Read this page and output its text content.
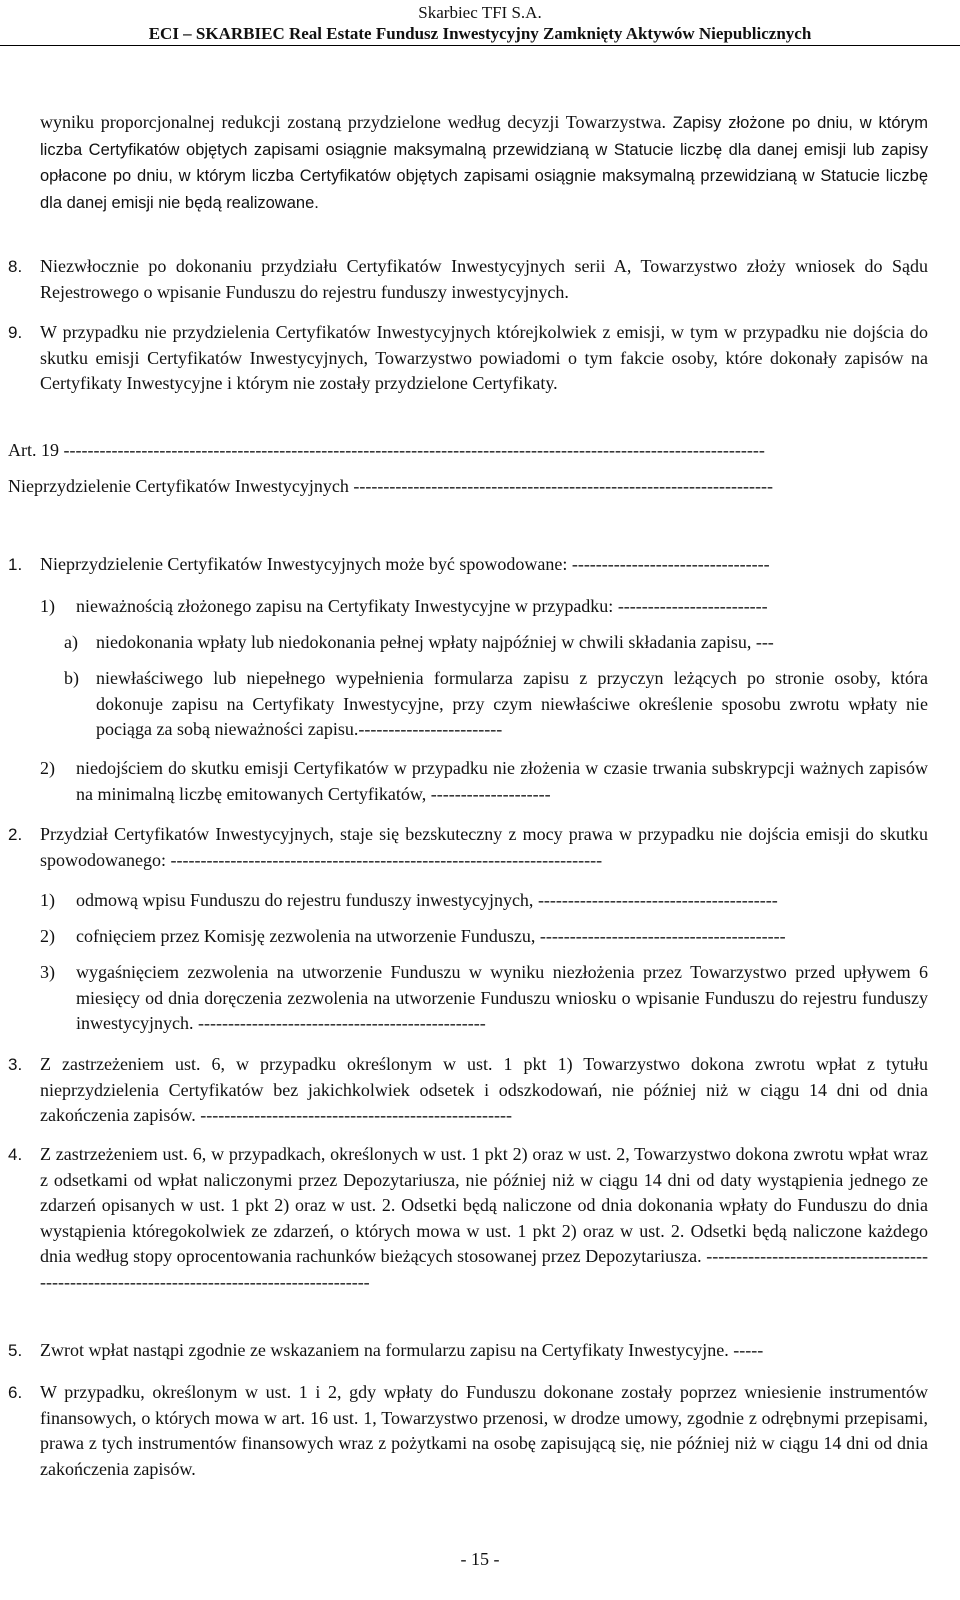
Skarbiec TFI S.A.
ECI – SKARBIEC Real Estate Fundusz Inwestycyjny Zamknięty Aktywów Niepublicznych
wyniku proporcjonalnej redukcji zostaną przydzielone według decyzji Towarzystwa. Zapisy złożone po dniu, w którym liczba Certyfikatów objętych zapisami osiągnie maksymalną przewidzianą w Statucie liczbę dla danej emisji lub zapisy opłacone po dniu, w którym liczba Certyfikatów objętych zapisami osiągnie maksymalną przewidzianą w Statucie liczbę dla danej emisji nie będą realizowane.
8. Niezwłocznie po dokonaniu przydziału Certyfikatów Inwestycyjnych serii A, Towarzystwo złoży wniosek do Sądu Rejestrowego o wpisanie Funduszu do rejestru funduszy inwestycyjnych.
9. W przypadku nie przydzielenia Certyfikatów Inwestycyjnych którejkolwiek z emisji, w tym w przypadku nie dojścia do skutku emisji Certyfikatów Inwestycyjnych, Towarzystwo powiadomi o tym fakcie osoby, które dokonały zapisów na Certyfikaty Inwestycyjne i którym nie zostały przydzielone Certyfikaty.
Art. 19 ---------------------------------------------------------------------------------------------------------------------
Nieprzydzielenie Certyfikatów Inwestycyjnych ----------------------------------------------------------------------
1. Nieprzydzielenie Certyfikatów Inwestycyjnych może być spowodowane: ---------------------------------
1) nieważnością złożonego zapisu na Certyfikaty Inwestycyjne w przypadku: -------------------------
a) niedokonania wpłaty lub niedokonania pełnej wpłaty najpóźniej w chwili składania zapisu, ---
b) niewłaściwego lub niepełnego wypełnienia formularza zapisu z przyczyn leżących po stronie osoby, która dokonuje zapisu na Certyfikaty Inwestycyjne, przy czym niewłaściwe określenie sposobu zwrotu wpłaty nie pociąga za sobą nieważności zapisu.------------------------
2) niedojściem do skutku emisji Certyfikatów w przypadku nie złożenia w czasie trwania subskrypcji ważnych zapisów na minimalną liczbę emitowanych Certyfikatów, --------------------
2. Przydział Certyfikatów Inwestycyjnych, staje się bezskuteczny z mocy prawa w przypadku nie dojścia emisji do skutku spowodowanego: ------------------------------------------------------------------------
1) odmową wpisu Funduszu do rejestru funduszy inwestycyjnych, ----------------------------------------
2) cofnięciem przez Komisję zezwolenia na utworzenie Funduszu, -----------------------------------------
3) wygaśnięciem zezwolenia na utworzenie Funduszu w wyniku niezłożenia przez Towarzystwo przed upływem 6 miesięcy od dnia doręczenia zezwolenia na utworzenie Funduszu wniosku o wpisanie Funduszu do rejestru funduszy inwestycyjnych. ------------------------------------------------
3. Z zastrzeżeniem ust. 6, w przypadku określonym w ust. 1 pkt 1) Towarzystwo dokona zwrotu wpłat z tytułu nieprzydzielenia Certyfikatów bez jakichkolwiek odsetek i odszkodowań, nie później niż w ciągu 14 dni od dnia zakończenia zapisów. ----------------------------------------------------
4. Z zastrzeżeniem ust. 6, w przypadkach, określonych w ust. 1 pkt 2) oraz w ust. 2, Towarzystwo dokona zwrotu wpłat wraz z odsetkami od wpłat naliczonymi przez Depozytariusza, nie później niż w ciągu 14 dni od daty wystąpienia jednego ze zdarzeń opisanych w ust. 1 pkt 2) oraz w ust. 2. Odsetki będą naliczone od dnia dokonania wpłaty do Funduszu do dnia wystąpienia któregokolwiek ze zdarzeń, o których mowa w ust. 1 pkt 2) oraz w ust. 2. Odsetki będą naliczone każdego dnia według stopy oprocentowania rachunków bieżących stosowanej przez Depozytariusza. --------------------------------------------------------------------------------------------
5. Zwrot wpłat nastąpi zgodnie ze wskazaniem na formularzu zapisu na Certyfikaty Inwestycyjne. -----
6. W przypadku, określonym w ust. 1 i 2, gdy wpłaty do Funduszu dokonane zostały poprzez wniesienie instrumentów finansowych, o których mowa w art. 16 ust. 1, Towarzystwo przenosi, w drodze umowy, zgodnie z odrębnymi przepisami, prawa z tych instrumentów finansowych wraz z pożytkami na osobę zapisującą się, nie później niż w ciągu 14 dni od dnia zakończenia zapisów.
- 15 -
